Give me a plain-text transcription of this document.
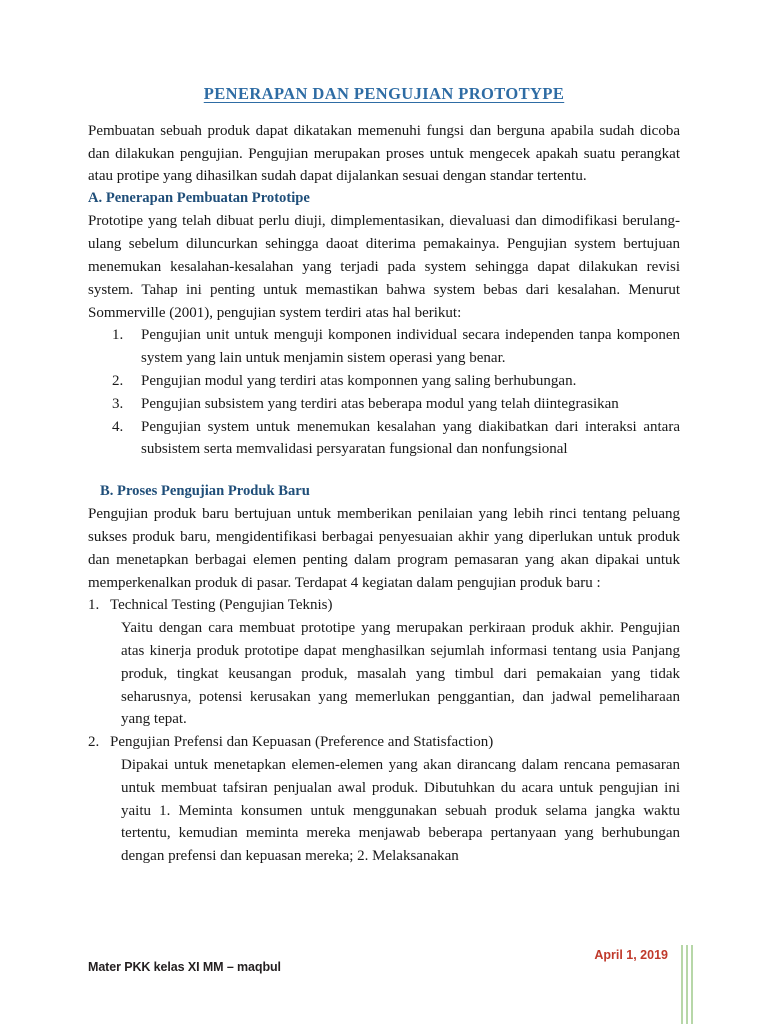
PENERAPAN DAN PENGUJIAN PROTOTYPE

Pembuatan sebuah produk dapat dikatakan memenuhi fungsi dan berguna apabila sudah dicoba dan dilakukan pengujian. Pengujian merupakan proses untuk mengecek apakah suatu perangkat atau protipe yang dihasilkan sudah dapat dijalankan sesuai dengan standar tertentu.

A. Penerapan Pembuatan Prototipe

Prototipe yang telah dibuat perlu diuji, dimplementasikan, dievaluasi dan dimodifikasi berulang-ulang sebelum diluncurkan sehingga daoat diterima pemakainya. Pengujian system bertujuan menemukan kesalahan-kesalahan yang terjadi pada system sehingga dapat dilakukan revisi system. Tahap ini penting untuk memastikan bahwa system bebas dari kesalahan. Menurut Sommerville (2001), pengujian system terdiri atas hal berikut:

1.	Pengujian unit untuk menguji komponen individual secara independen tanpa komponen system yang lain untuk menjamin sistem operasi yang benar.
2.	Pengujian modul yang terdiri atas komponnen yang saling berhubungan.
3.	Pengujian subsistem yang terdiri atas beberapa modul yang telah diintegrasikan
4.	Pengujian system untuk menemukan kesalahan yang diakibatkan dari interaksi antara subsistem serta memvalidasi persyaratan fungsional dan nonfungsional
B. Proses Pengujian Produk Baru

Pengujian produk baru bertujuan untuk memberikan penilaian yang lebih rinci tentang peluang sukses produk baru, mengidentifikasi berbagai penyesuaian akhir yang diperlukan untuk produk dan menetapkan berbagai elemen penting dalam program pemasaran yang akan dipakai untuk memperkenalkan produk di pasar. Terdapat 4 kegiatan dalam pengujian produk baru :

1. Technical Testing (Pengujian Teknis)
Yaitu dengan cara membuat prototipe yang merupakan perkiraan produk akhir. Pengujian atas kinerja produk prototipe dapat menghasilkan sejumlah informasi tentang usia Panjang produk, tingkat keusangan produk, masalah yang timbul dari pemakaian yang tidak seharusnya, potensi kerusakan yang memerlukan penggantian, dan jadwal pemeliharaan yang tepat.
2. Pengujian Prefensi dan Kepuasan (Preference and Statisfaction)
Dipakai untuk menetapkan elemen-elemen yang akan dirancang dalam rencana pemasaran untuk membuat tafsiran penjualan awal produk. Dibutuhkan du acara untuk pengujian ini yaitu 1. Meminta konsumen untuk menggunakan sebuah produk selama jangka waktu tertentu, kemudian meminta mereka menjawab beberapa pertanyaan yang berhubungan dengan prefensi dan kepuasan mereka; 2. Melaksanakan
Mater PKK kelas XI MM – maqbul
April 1, 2019
